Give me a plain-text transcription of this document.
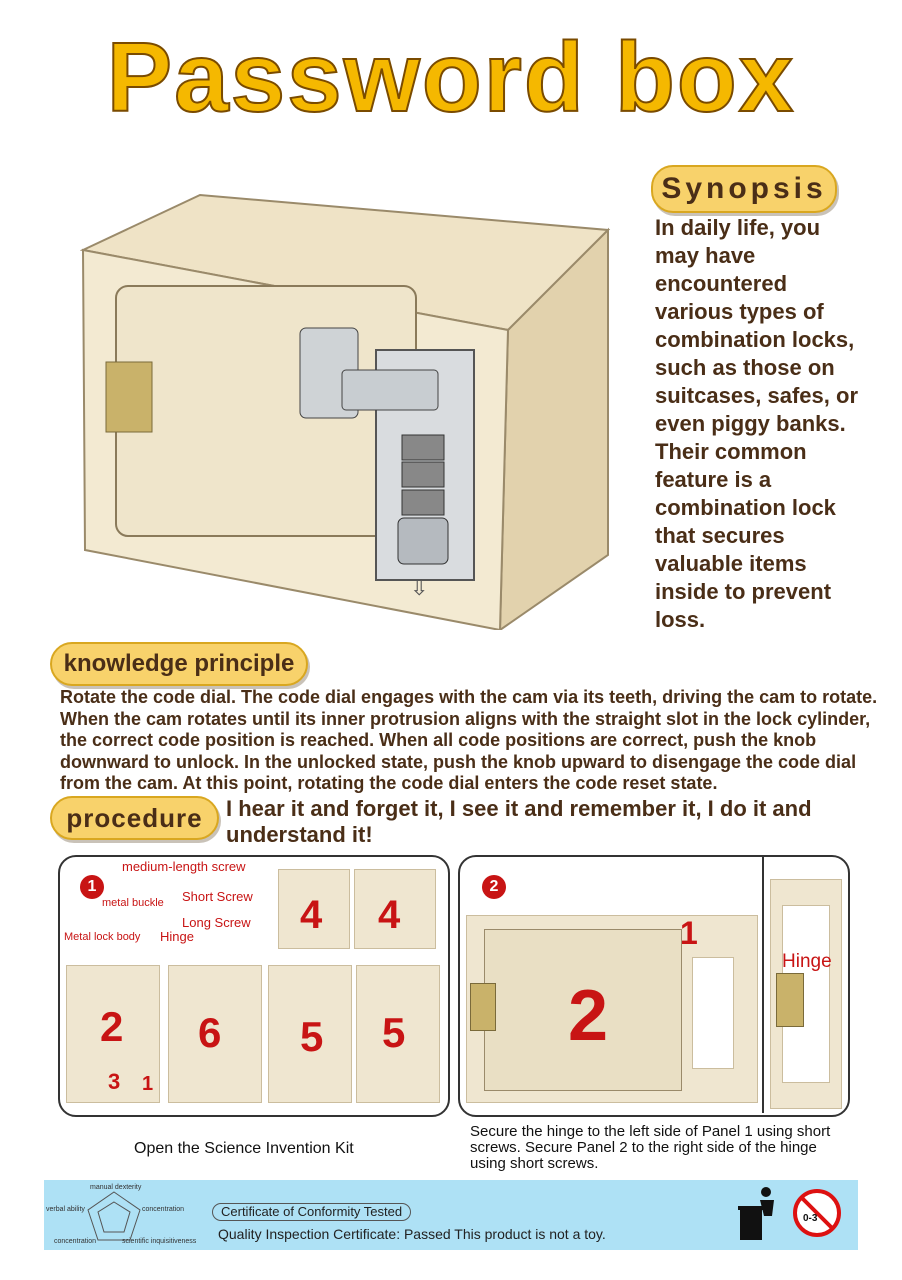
Password box
⇩
Synopsis
In daily life, you
may have
encountered
various types of
combination locks,
such as those on
suitcases, safes, or
even piggy banks.
Their common
feature is a
combination lock
that secures
valuable items
inside to prevent
loss.
knowledge principle
Rotate the code dial. The code dial engages with the cam via its teeth, driving the cam to rotate. When the cam rotates until its inner protrusion aligns with the straight slot in the lock cylinder, the correct code position is reached. When all code positions are correct, push the knob downward to unlock. In the unlocked state, push the knob upward to disengage the code dial from the cam. At this point, rotating the code dial enters the code reset state.
procedure	I hear it and forget it, I see it and remember it, I do it and understand it!
1
medium-length screw
Short Screw
metal buckle
Long Screw
Metal lock body Hinge	4 4
2 6 5 5
3 1
Open the Science Invention Kit
2
1
2
Hinge
Secure the hinge to the left side of Panel 1 using short screws. Secure Panel 2 to the right side of the hinge using short screws.
manual dexterity
verbal ability	concentration
concentration	scientific inquisitiveness
Certificate of Conformity Tested
Quality Inspection Certificate: Passed This product is not a toy.
0-3
